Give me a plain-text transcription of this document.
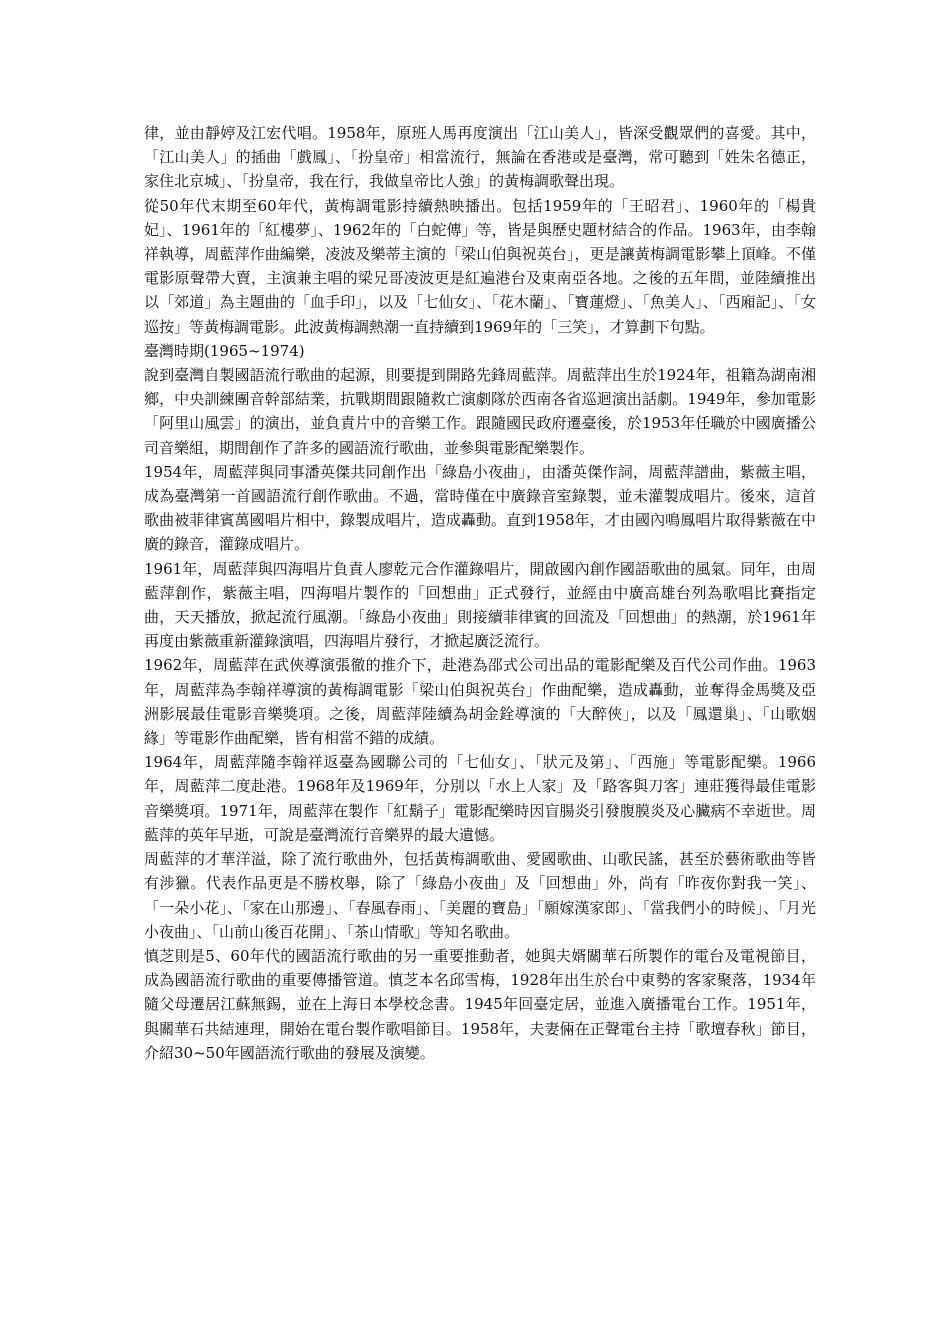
律，並由靜婷及江宏代唱。1958年，原班人馬再度演出「江山美人」，皆深受觀眾們的喜愛。其中，「江山美人」的插曲「戲鳳」、「扮皇帝」相當流行，無論在香港或是臺灣，常可聽到「姓朱名德正，家住北京城」、「扮皇帝，我在行，我做皇帝比人強」的黃梅調歌聲出現。

從50年代末期至60年代，黃梅調電影持續熱映播出。包括1959年的「王昭君」、1960年的「楊貴妃」、1961年的「紅樓夢」、1962年的「白蛇傳」等，皆是與歷史題材結合的作品。1963年，由李翰祥執導，周藍萍作曲編樂，凌波及樂蒂主演的「梁山伯與祝英台」，更是讓黃梅調電影攀上頂峰。不僅電影原聲帶大賣，主演兼主唱的梁兄哥凌波更是紅遍港台及東南亞各地。之後的五年間，並陸續推出以「郊道」為主題曲的「血手印」，以及「七仙女」、「花木蘭」、「寶蓮燈」、「魚美人」、「西廂記」、「女巡按」等黃梅調電影。此波黃梅調熱潮一直持續到1969年的「三笑」，才算劃下句點。

臺灣時期(1965~1974)

說到臺灣自製國語流行歌曲的起源，則要提到開路先鋒周藍萍。周藍萍出生於1924年，祖籍為湖南湘鄉，中央訓練團音幹部結業，抗戰期間跟隨救亡演劇隊於西南各省巡迴演出話劇。1949年，參加電影「阿里山風雲」的演出，並負責片中的音樂工作。跟隨國民政府遷臺後，於1953年任職於中國廣播公司音樂組，期間創作了許多的國語流行歌曲，並參與電影配樂製作。

1954年，周藍萍與同事潘英傑共同創作出「綠島小夜曲」，由潘英傑作詞，周藍萍譜曲，紫薇主唱，成為臺灣第一首國語流行創作歌曲。不過，當時僅在中廣錄音室錄製，並未灌製成唱片。後來，這首歌曲被菲律賓萬國唱片相中，錄製成唱片，造成轟動。直到1958年，才由國內鳴鳳唱片取得紫薇在中廣的錄音，灌錄成唱片。

1961年，周藍萍與四海唱片負責人廖乾元合作灌錄唱片，開啟國內創作國語歌曲的風氣。同年，由周藍萍創作，紫薇主唱，四海唱片製作的「回想曲」正式發行，並經由中廣高雄台列為歌唱比賽指定曲，天天播放，掀起流行風潮。「綠島小夜曲」則接續菲律賓的回流及「回想曲」的熱潮，於1961年再度由紫薇重新灌錄演唱，四海唱片發行，才掀起廣泛流行。

1962年，周藍萍在武俠導演張徹的推介下，赴港為邵式公司出品的電影配樂及百代公司作曲。1963年，周藍萍為李翰祥導演的黃梅調電影「梁山伯與祝英台」作曲配樂，造成轟動，並奪得金馬獎及亞洲影展最佳電影音樂獎項。之後，周藍萍陸續為胡金銓導演的「大醉俠」，以及「鳳還巢」、「山歌姻緣」等電影作曲配樂，皆有相當不錯的成績。

1964年，周藍萍隨李翰祥返臺為國聯公司的「七仙女」、「狀元及第」、「西施」等電影配樂。1966年，周藍萍二度赴港。1968年及1969年，分別以「水上人家」及「路客與刀客」連莊獲得最佳電影音樂獎項。1971年，周藍萍在製作「紅鬍子」電影配樂時因盲腸炎引發腹膜炎及心臟病不幸逝世。周藍萍的英年早逝，可說是臺灣流行音樂界的最大遺憾。

周藍萍的才華洋溢，除了流行歌曲外，包括黃梅調歌曲、愛國歌曲、山歌民謠，甚至於藝術歌曲等皆有涉獵。代表作品更是不勝枚舉，除了「綠島小夜曲」及「回想曲」外，尚有「昨夜你對我一笑」、「一朵小花」、「家在山那邊」、「春風春雨」、「美麗的寶島」「願嫁漢家郎」、「當我們小的時候」、「月光小夜曲」、「山前山後百花開」、「茶山情歌」等知名歌曲。

慎芝則是5、60年代的國語流行歌曲的另一重要推動者，她與夫婿關華石所製作的電台及電視節目，成為國語流行歌曲的重要傳播管道。慎芝本名邱雪梅，1928年出生於台中東勢的客家聚落，1934年隨父母遷居江蘇無錫，並在上海日本學校念書。1945年回臺定居，並進入廣播電台工作。1951年，與關華石共結連理，開始在電台製作歌唱節目。1958年，夫妻倆在正聲電台主持「歌壇春秋」節目，介紹30~50年國語流行歌曲的發展及演變。
